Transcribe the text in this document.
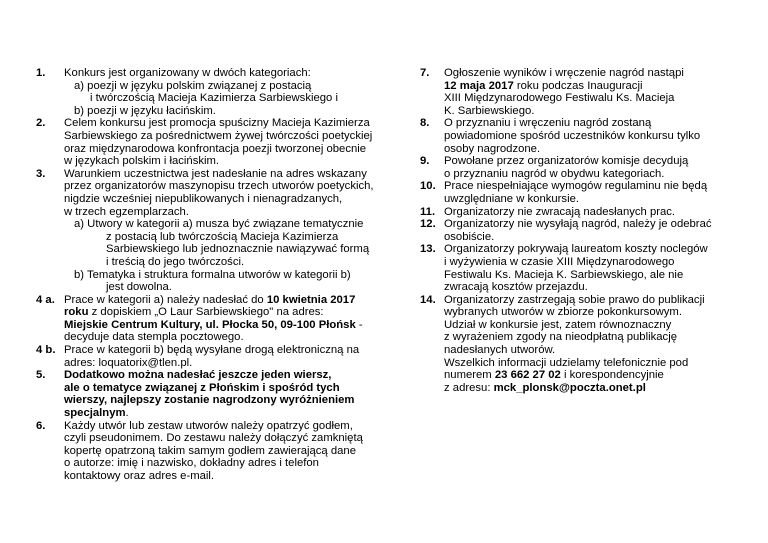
1. Konkurs jest organizowany w dwóch kategoriach:
a) poezji w języku polskim związanej z postacią
i twórczością Macieja Kazimierza Sarbiewskiego i
b) poezji w języku łacińskim.
2. Celem konkursu jest promocja spuścizny Macieja Kazimierza
Sarbiewskiego za pośrednictwem żywej twórczości poetyckiej
oraz międzynarodowa konfrontacja poezji tworzonej obecnie
w językach polskim i łacińskim.
3. Warunkiem uczestnictwa jest nadesłanie na adres wskazany
przez organizatorów maszynopisu trzech utworów poetyckich,
nigdzie wcześniej niepublikowanych i nienagradzanych,
w trzech egzemplarzach.
a) Utwory w kategorii a) musza być związane tematycznie
z postacią lub twórczością Macieja Kazimierza
Sarbiewskiego lub jednoznacznie nawiązywać formą
i treścią do jego twórczości.
b) Tematyka i struktura formalna utworów w kategorii b)
jest dowolna.
4 a. Prace w kategorii a) należy nadesłać do 10 kwietnia 2017
roku z dopiskiem „O Laur Sarbiewskiego" na adres:
Miejskie Centrum Kultury, ul. Płocka 50, 09-100 Płońsk -
decyduje data stempla pocztowego.
4 b. Prace w kategorii b) będą wysyłane drogą elektroniczną na
adres: loquatorix@tlen.pl.
5. Dodatkowo można nadesłać jeszcze jeden wiersz,
ale o tematyce związanej z Płońskim i spośród tych
wierszy, najlepszy zostanie nagrodzony wyróżnieniem
specjalnym.
6. Każdy utwór lub zestaw utworów należy opatrzyć godłem,
czyli pseudonimem. Do zestawu należy dołączyć zamkniętą
kopertę opatrzoną takim samym godłem zawierającą dane
o autorze: imię i nazwisko, dokładny adres i telefon
kontaktowy oraz adres e-mail.
7. Ogłoszenie wyników i wręczenie nagród nastąpi
12 maja 2017 roku podczas Inauguracji
XIII Międzynarodowego Festiwalu Ks. Macieja
K. Sarbiewskiego.
8. O przyznaniu i wręczeniu nagród zostaną
powiadomione spośród uczestników konkursu tylko
osoby nagrodzone.
9. Powołane przez organizatorów komisje decydują
o przyznaniu nagród w obydwu kategoriach.
10. Prace niespełniające wymogów regulaminu nie będą
uwzględniane w konkursie.
11. Organizatorzy nie zwracają nadesłanych prac.
12. Organizatorzy nie wysyłają nagród, należy je odebrać
osobiście.
13. Organizatorzy pokrywają laureatom koszty noclegów
i wyżywienia w czasie XIII Międzynarodowego
Festiwalu Ks. Macieja K. Sarbiewskiego, ale nie
zwracają kosztów przejazdu.
14. Organizatorzy zastrzegają sobie prawo do publikacji
wybranych utworów w zbiorze pokonkursowym.
Udział w konkursie jest, zatem równoznaczny
z wyrażeniem zgody na nieodpłatną publikację
nadesłanych utworów.
Wszelkich informacji udzielamy telefonicznie pod
numerem 23 662 27 02 i korespondencyjnie
z adresu: mck_plonsk@poczta.onet.pl
